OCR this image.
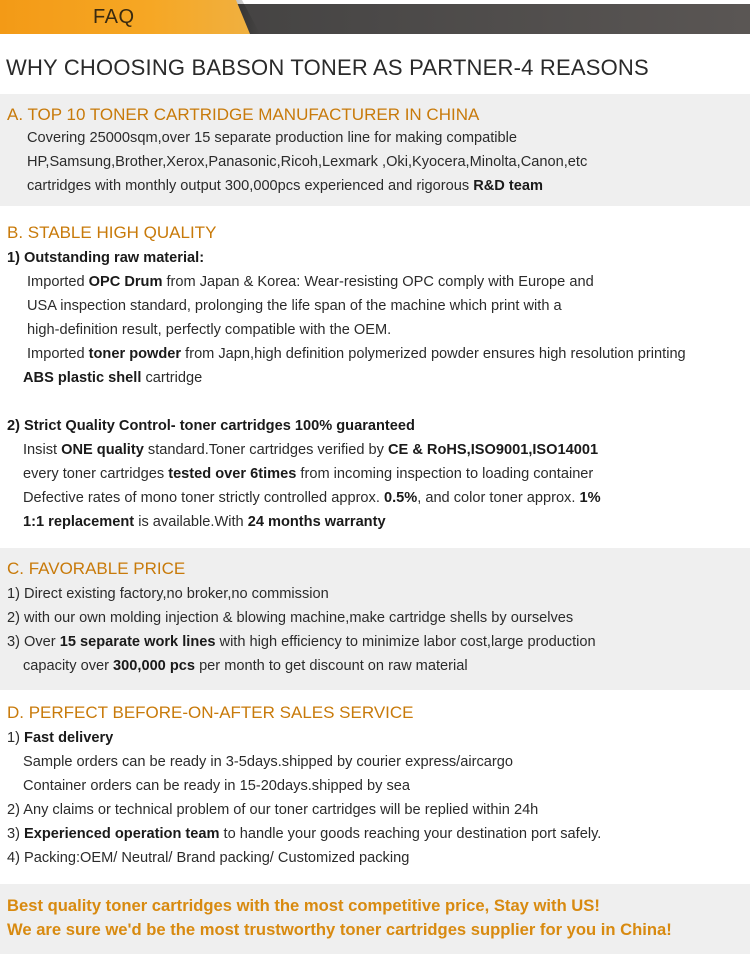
FAQ
WHY CHOOSING BABSON TONER AS PARTNER-4 REASONS
A. TOP 10 TONER CARTRIDGE MANUFACTURER IN CHINA
Covering 25000sqm,over 15 separate production line for making compatible
HP,Samsung,Brother,Xerox,Panasonic,Ricoh,Lexmark ,Oki,Kyocera,Minolta,Canon,etc
cartridges with monthly output 300,000pcs experienced and rigorous R&D team
B. STABLE HIGH QUALITY
1) Outstanding raw material:
Imported OPC Drum from Japan & Korea: Wear-resisting OPC comply with Europe and
USA inspection standard, prolonging the life span of the machine which print with a
high-definition result, perfectly compatible with the OEM.
Imported toner powder from Japn,high definition polymerized powder ensures high resolution printing
ABS plastic shell cartridge
2) Strict Quality Control- toner cartridges 100% guaranteed
Insist ONE quality standard.Toner cartridges verified by CE & RoHS,ISO9001,ISO14001
every toner cartridges tested over 6times from incoming inspection to loading container
Defective rates of mono toner strictly controlled approx. 0.5%, and color toner approx. 1%
1:1 replacement is available.With 24 months warranty
C. FAVORABLE PRICE
1) Direct existing factory,no broker,no commission
2) with our own molding injection & blowing machine,make cartridge shells by ourselves
3) Over 15 separate work lines with high efficiency to minimize labor cost,large production
capacity over 300,000 pcs per month to get discount on raw material
D. PERFECT BEFORE-ON-AFTER SALES SERVICE
1) Fast delivery
Sample orders can be ready in 3-5days.shipped by courier express/aircargo
Container orders can be ready in 15-20days.shipped by sea
2) Any claims or technical problem of our toner cartridges will be replied within 24h
3) Experienced operation team to handle your goods reaching your destination port safely.
4) Packing:OEM/ Neutral/ Brand packing/ Customized packing
Best quality toner cartridges with the most competitive price, Stay with US!
We are sure we'd be the most trustworthy toner cartridges supplier for you in China!
